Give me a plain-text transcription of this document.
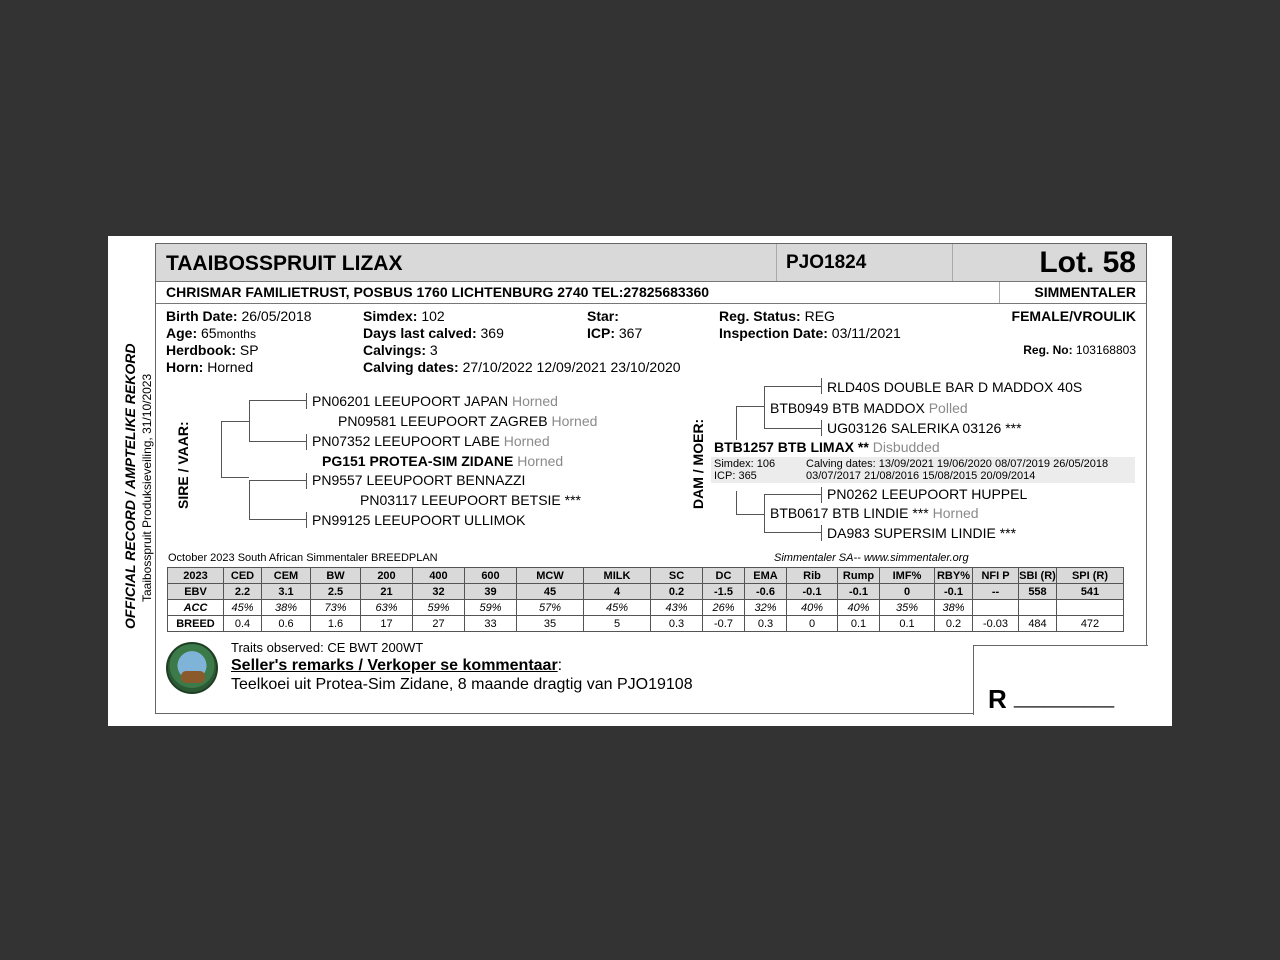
OFFICIAL RECORD / AMPTELIKE REKORD Taaibosspruit Produksieveiling, 31/10/2023
TAAIBOSSPRUIT LIZAX	PJO1824	Lot. 58
CHRISMAR FAMILIETRUST, POSBUS 1760 LICHTENBURG 2740 TEL:27825683360	SIMMENTALER
Birth Date: 26/05/2018
Age: 65months
Herdbook: SP
Horn: Horned
Simdex: 102
Days last calved: 369
Calvings: 3
Calving dates: 27/10/2022 12/09/2021 23/10/2020
Star:
ICP: 367
Reg. Status: REG
Inspection Date: 03/11/2021
FEMALE/VROULIK
Reg. No: 103168803
SIRE / VAAR:
PN06201 LEEUPOORT JAPAN Horned
PN09581 LEEUPOORT ZAGREB Horned
PN07352 LEEUPOORT LABE Horned
PG151 PROTEA-SIM ZIDANE Horned
PN9557 LEEUPOORT BENNAZZI
PN03117 LEEUPOORT BETSIE ***
PN99125 LEEUPOORT ULLIMOK
DAM / MOER:
RLD40S DOUBLE BAR D MADDOX 40S
BTB0949 BTB MADDOX Polled
UG03126 SALERIKA 03126 ***
BTB1257 BTB LIMAX ** Disbudded
Simdex: 106
ICP: 365
Calving dates: 13/09/2021 19/06/2020 08/07/2019 26/05/2018
03/07/2017 21/08/2016 15/08/2015 20/09/2014
PN0262 LEEUPOORT HUPPEL
BTB0617 BTB LINDIE *** Horned
DA983 SUPERSIM LINDIE ***
October 2023 South African Simmentaler BREEDPLAN	Simmentaler SA-- www.simmentaler.org
2023	CED	CEM	BW	200	400	600	MCW	MILK	SC	DC	EMA	Rib	Rump	IMF%	RBY%	NFI P	SBI (R)	SPI (R)
EBV	2.2	3.1	2.5	21	32	39	45	4	0.2	-1.5	-0.6	-0.1	-0.1	0	-0.1	--	558	541
ACC	45%	38%	73%	63%	59%	59%	57%	45%	43%	26%	32%	40%	40%	35%	38%			
BREED	0.4	0.6	1.6	17	27	33	35	5	0.3	-0.7	0.3	0	0.1	0.1	0.2	-0.03	484	472
Traits observed: CE BWT 200WT
Seller's remarks / Verkoper se kommentaar:
Teelkoei uit Protea-Sim Zidane, 8 maande dragtig van PJO19108	R __________
